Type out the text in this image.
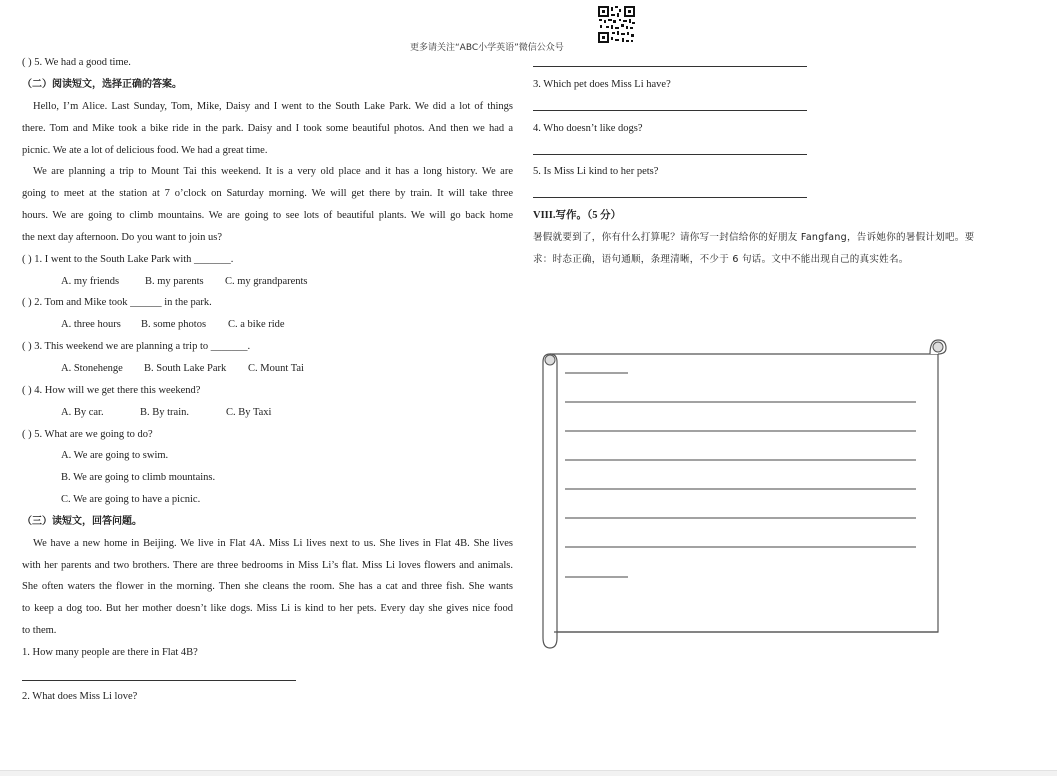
更多请关注“ABC小学英语”微信公众号
( ) 5. We had a good time.
（二）阅读短文，选择正确的答案。
Hello, I’m Alice. Last Sunday, Tom, Mike, Daisy and I went to the South Lake Park. We did a lot of things
there. Tom and Mike took a bike ride in the park. Daisy and I took some beautiful photos. And then we had a
picnic. We ate a lot of delicious food. We had a great time.
We are planning a trip to Mount Tai this weekend. It is a very old place and it has a long history. We are
going to meet at the station at 7 o’clock on Saturday morning. We will get there by train. It will take three
hours. We are going to climb mountains. We are going to see lots of beautiful plants. We will go back home
the next day afternoon. Do you want to join us?
( ) 1. I went to the South Lake Park with _______.
A. my friends B. my parents C. my grandparents
( ) 2. Tom and Mike took ______ in the park.
A. three hours B. some photos C. a bike ride
( ) 3. This weekend we are planning a trip to _______.
A. Stonehenge B. South Lake Park C. Mount Tai
( ) 4. How will we get there this weekend?
A. By car.	B. By train.	C. By Taxi
( ) 5. What are we going to do?
A. We are going to swim.
B. We are going to climb mountains.
C. We are going to have a picnic.
（三）读短文，回答问题。
We have a new home in Beijing. We live in Flat 4A. Miss Li lives next to us. She lives in Flat 4B. She lives
with her parents and two brothers. There are three bedrooms in Miss Li’s flat. Miss Li loves flowers and animals.
She often waters the flower in the morning. Then she cleans the room. She has a cat and three fish. She wants
to keep a dog too. But her mother doesn’t like dogs. Miss Li is kind to her pets. Every day she gives nice food
to them.
1. How many people are there in Flat 4B?
2. What does Miss Li love?
3. Which pet does Miss Li have?
4. Who doesn’t like dogs?
5. Is Miss Li kind to her pets?
VIII.写作。（5 分）
暑假就要到了，你有什么打算呢？请你写一封信给你的好朋友 Fangfang，告诉她你的暑假计划吧。要
求：时态正确，语句通顺，条理清晰，不少于 6 句话。文中不能出现自己的真实姓名。
